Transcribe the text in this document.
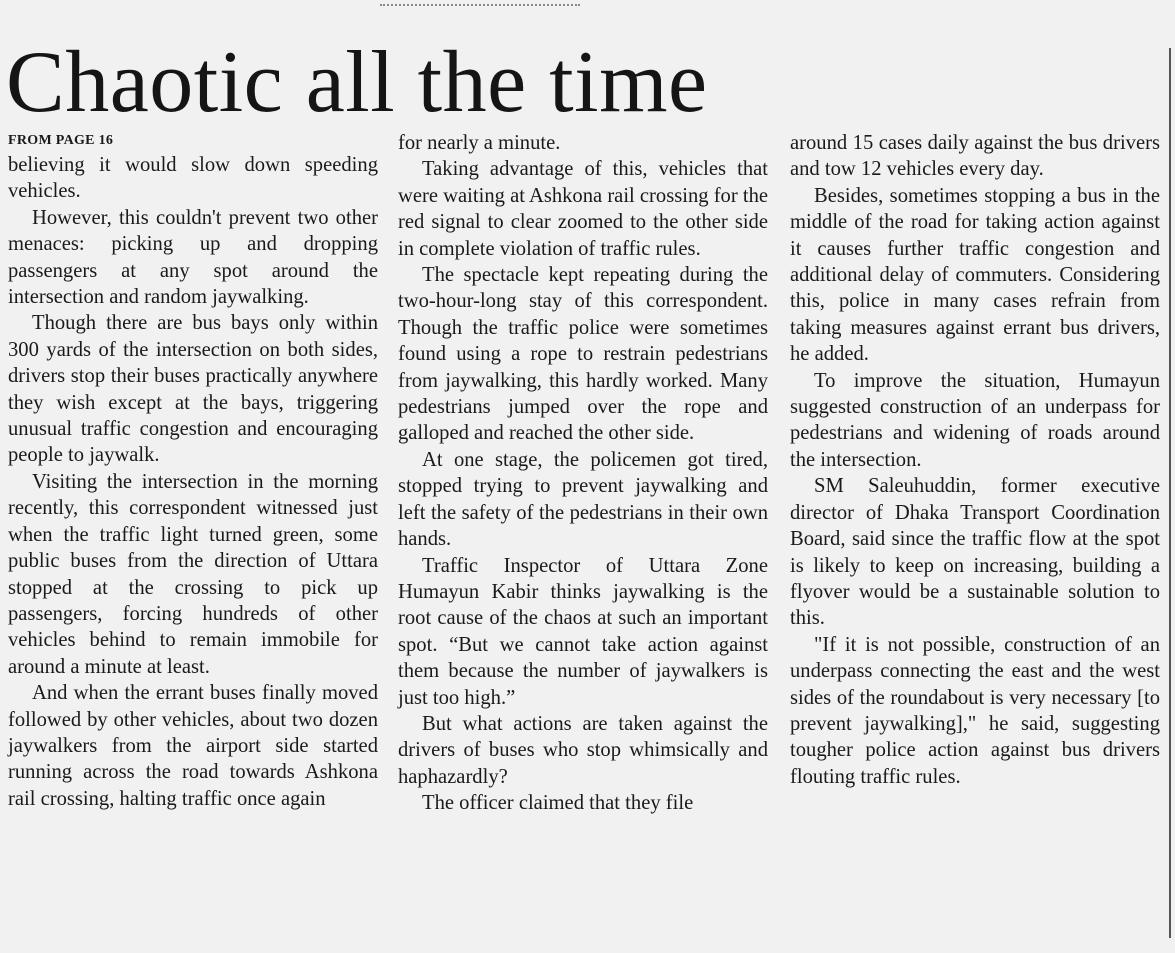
Chaotic all the time
FROM PAGE 16

believing it would slow down speeding vehicles.

However, this couldn't prevent two other menaces: picking up and dropping passengers at any spot around the intersection and random jaywalking.

Though there are bus bays only within 300 yards of the intersection on both sides, drivers stop their buses practically anywhere they wish except at the bays, triggering unusual traffic congestion and encouraging people to jaywalk.

Visiting the intersection in the morning recently, this correspondent witnessed just when the traffic light turned green, some public buses from the direction of Uttara stopped at the crossing to pick up passengers, forcing hundreds of other vehicles behind to remain immobile for around a minute at least.

And when the errant buses finally moved followed by other vehicles, about two dozen jaywalkers from the airport side started running across the road towards Ashkona rail crossing, halting traffic once again

for nearly a minute.

Taking advantage of this, vehicles that were waiting at Ashkona rail crossing for the red signal to clear zoomed to the other side in complete violation of traffic rules.

The spectacle kept repeating during the two-hour-long stay of this correspondent. Though the traffic police were sometimes found using a rope to restrain pedestrians from jaywalking, this hardly worked. Many pedestrians jumped over the rope and galloped and reached the other side.

At one stage, the policemen got tired, stopped trying to prevent jaywalking and left the safety of the pedestrians in their own hands.

Traffic Inspector of Uttara Zone Humayun Kabir thinks jaywalking is the root cause of the chaos at such an important spot. “But we cannot take action against them because the number of jaywalkers is just too high.”

But what actions are taken against the drivers of buses who stop whimsically and haphazardly?

The officer claimed that they file

around 15 cases daily against the bus drivers and tow 12 vehicles every day.

Besides, sometimes stopping a bus in the middle of the road for taking action against it causes further traffic congestion and additional delay of commuters. Considering this, police in many cases refrain from taking measures against errant bus drivers, he added.

To improve the situation, Humayun suggested construction of an underpass for pedestrians and widening of roads around the intersection.

SM Saleuhuddin, former executive director of Dhaka Transport Coordination Board, said since the traffic flow at the spot is likely to keep on increasing, building a flyover would be a sustainable solution to this.

"If it is not possible, construction of an underpass connecting the east and the west sides of the roundabout is very necessary [to prevent jaywalking]," he said, suggesting tougher police action against bus drivers flouting traffic rules.
